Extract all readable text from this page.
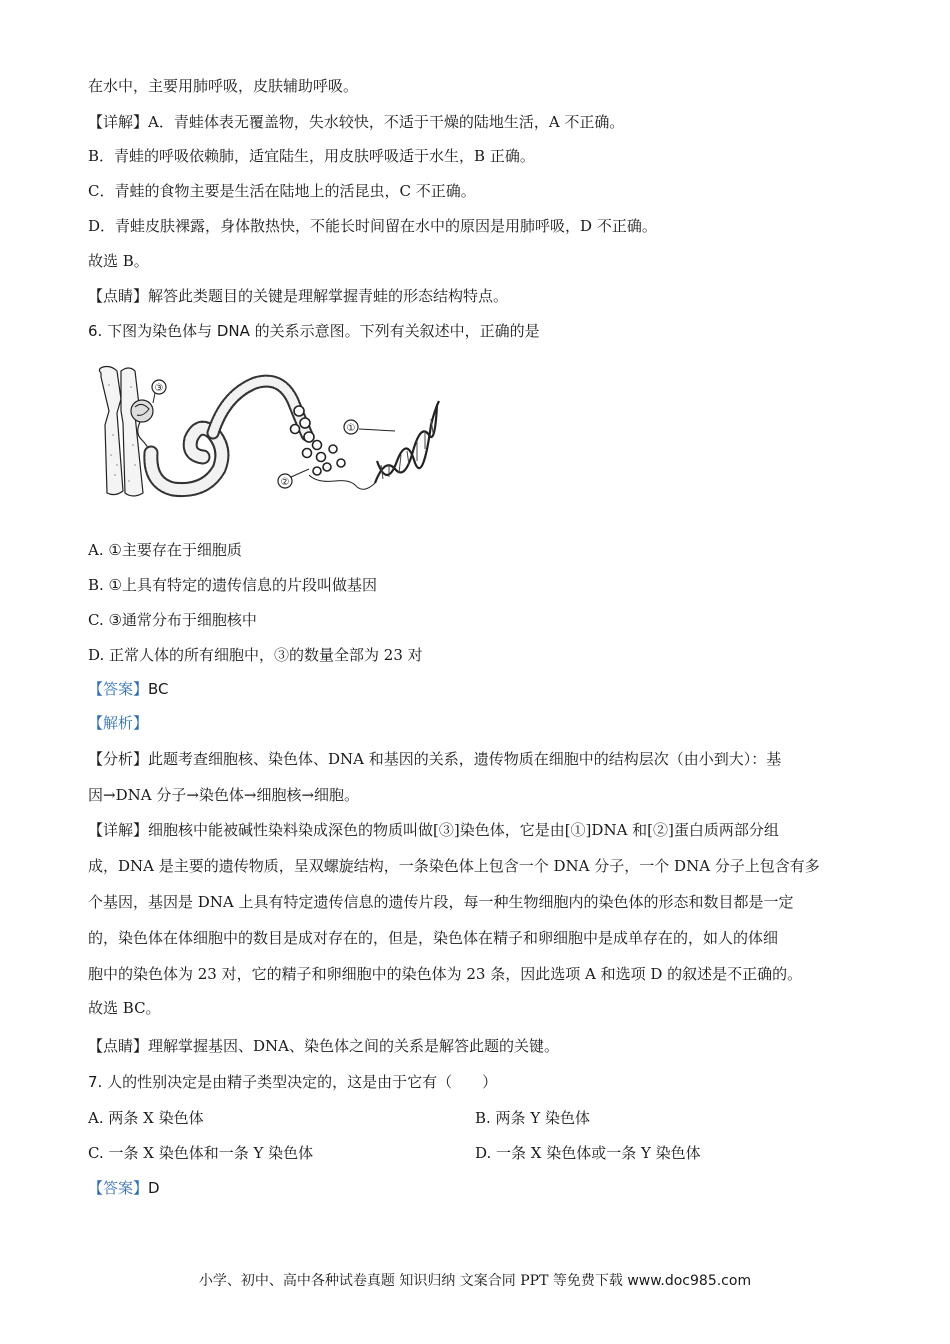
在水中，主要用肺呼吸，皮肤辅助呼吸。
【详解】A．青蛙体表无覆盖物，失水较快，不适于干燥的陆地生活，A 不正确。
B．青蛙的呼吸依赖肺，适宜陆生，用皮肤呼吸适于水生，B 正确。
C．青蛙的食物主要是生活在陆地上的活昆虫，C 不正确。
D．青蛙皮肤裸露，身体散热快，不能长时间留在水中的原因是用肺呼吸，D 不正确。
故选 B。
【点睛】解答此类题目的关键是理解掌握青蛙的形态结构特点。
6. 下图为染色体与 DNA 的关系示意图。下列有关叙述中，正确的是
③
②
①
A. ①主要存在于细胞质
B. ①上具有特定的遗传信息的片段叫做基因
C. ③通常分布于细胞核中
D. 正常人体的所有细胞中，③的数量全部为 23 对
【答案】BC
【解析】
【分析】此题考查细胞核、染色体、DNA 和基因的关系，遗传物质在细胞中的结构层次（由小到大）：基
因→DNA 分子→染色体→细胞核→细胞。
【详解】细胞核中能被碱性染料染成深色的物质叫做[③]染色体，它是由[①]DNA 和[②]蛋白质两部分组
成，DNA 是主要的遗传物质，呈双螺旋结构，一条染色体上包含一个 DNA 分子，一个 DNA 分子上包含有多
个基因，基因是 DNA 上具有特定遗传信息的遗传片段，每一种生物细胞内的染色体的形态和数目都是一定
的，染色体在体细胞中的数目是成对存在的，但是，染色体在精子和卵细胞中是成单存在的，如人的体细
胞中的染色体为 23 对，它的精子和卵细胞中的染色体为 23 条，因此选项 A 和选项 D 的叙述是不正确的。
故选 BC。
【点睛】理解掌握基因、DNA、染色体之间的关系是解答此题的关键。
7. 人的性别决定是由精子类型决定的，这是由于它有（　　）
A. 两条 X 染色体	B. 两条 Y 染色体
C. 一条 X 染色体和一条 Y 染色体	D. 一条 X 染色体或一条 Y 染色体
【答案】D
小学、初中、高中各种试卷真题 知识归纳 文案合同 PPT 等免费下载 www.doc985.com
